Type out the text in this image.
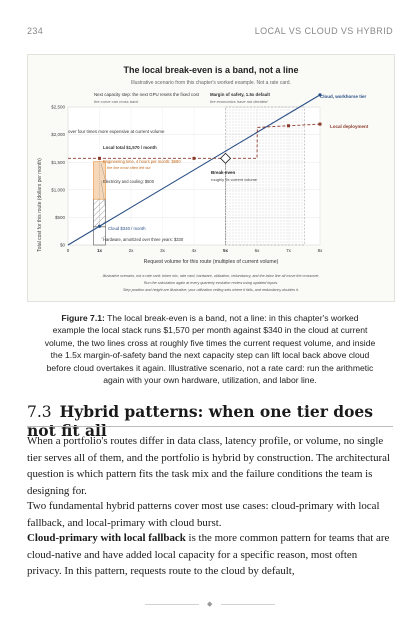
234	LOCAL VS CLOUD VS HYBRID
The local break-even is a band, not a line
Illustrative scenario from this chapter's worked example. Not a rate card.
$0
$500
$1,000
$1,500
$2,000
$2,500
0	1x	2x	3x	4x	5x	6x	7x	8x
Total cost for this route (dollars per month)
Request volume for this route (multiples of current volume)
Next capacity step: the next GPU resets the fixed cost
the curve can cross back
Margin of safety, 1.5x default
the economics have not decided
over four times more expensive at current volume
Local total $1,570 / month
Engineering time, 4 hours per month: $680
the line most often left out
Electricity and cooling: $500
Cloud $340 / month
Hardware, amortized over three years: $330
Break-even
roughly 5x current volume
Cloud, workhorse tier
Local deployment
Illustrative scenario, not a rate card: token mix, rate card, hardware, utilization, redundancy, and the labor line all move the crossover.
Run the calculation again at every quarterly evolution review using updated inputs.
Step position and height are illustrative; your utilization ceiling sets where it falls, and redundancy doubles it.

Figure 7.1: The local break-even is a band, not a line: in this chapter's worked example the local stack runs $1,570 per month against $340 in the cloud at current volume, the two lines cross at roughly five times the current request volume, and inside the 1.5x margin-of-safety band the next capacity step can lift local back above cloud before cloud overtakes it again. Illustrative scenario, not a rate card: run the arithmetic again with your own hardware, utilization, and labor line.

7.3 Hybrid patterns: when one tier does not fit all

When a portfolio's routes differ in data class, latency profile, or volume, no single tier serves all of them, and the portfolio is hybrid by construction. The architectural question is which pattern fits the task mix and the failure conditions the team is designing for.

Two fundamental hybrid patterns cover most use cases: cloud-primary with local fallback, and local-primary with cloud burst.

Cloud-primary with local fallback is the more common pattern for teams that are cloud-native and have added local capacity for a specific reason, most often privacy. In this pattern, requests route to the cloud by default,

◆
